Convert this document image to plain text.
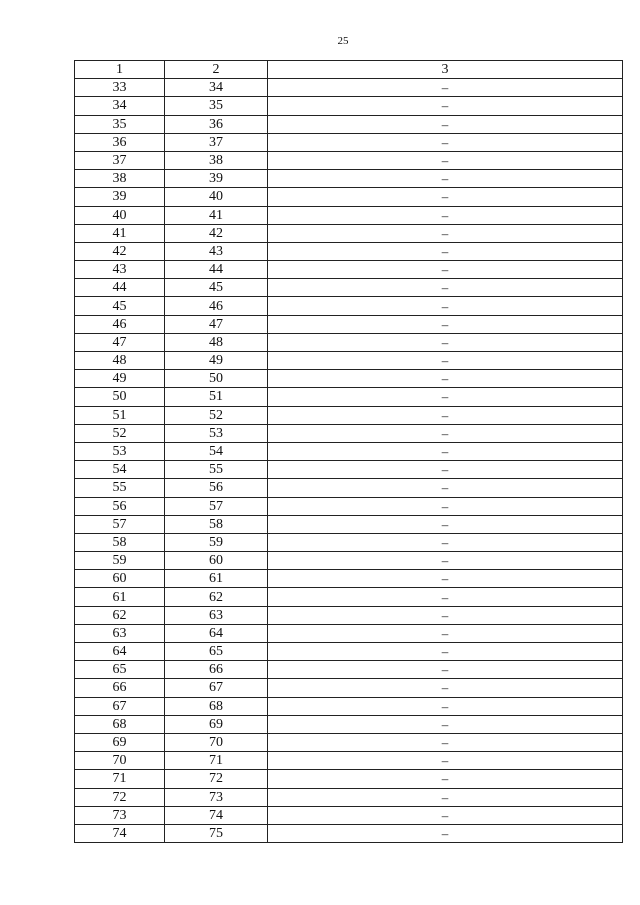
25
1	2	3
33	34	–
34	35	–
35	36	–
36	37	–
37	38	–
38	39	–
39	40	–
40	41	–
41	42	–
42	43	–
43	44	–
44	45	–
45	46	–
46	47	–
47	48	–
48	49	–
49	50	–
50	51	–
51	52	–
52	53	–
53	54	–
54	55	–
55	56	–
56	57	–
57	58	–
58	59	–
59	60	–
60	61	–
61	62	–
62	63	–
63	64	–
64	65	–
65	66	–
66	67	–
67	68	–
68	69	–
69	70	–
70	71	–
71	72	–
72	73	–
73	74	–
74	75	–
